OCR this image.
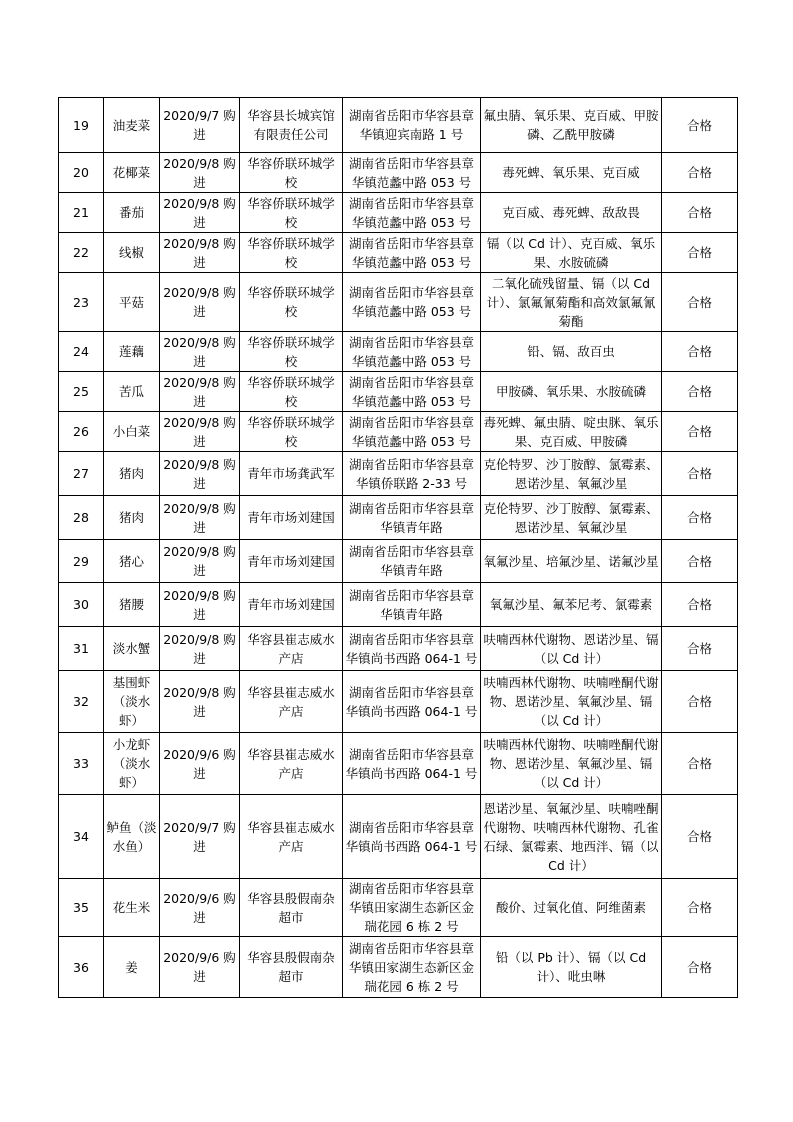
19	油麦菜	2020/9/7 购进	华容县长城宾馆有限责任公司	湖南省岳阳市华容县章华镇迎宾南路 1 号	氟虫腈、氧乐果、克百威、甲胺磷、乙酰甲胺磷	合格
20	花椰菜	2020/9/8 购进	华容侨联环城学校	湖南省岳阳市华容县章华镇范蠡中路 053 号	毒死蜱、氧乐果、克百威	合格
21	番茄	2020/9/8 购进	华容侨联环城学校	湖南省岳阳市华容县章华镇范蠡中路 053 号	克百威、毒死蜱、敌敌畏	合格
22	线椒	2020/9/8 购进	华容侨联环城学校	湖南省岳阳市华容县章华镇范蠡中路 053 号	镉（以 Cd 计）、克百威、氧乐果、水胺硫磷	合格
23	平菇	2020/9/8 购进	华容侨联环城学校	湖南省岳阳市华容县章华镇范蠡中路 053 号	二氧化硫残留量、镉（以 Cd 计）、氯氟氰菊酯和高效氯氟氰菊酯	合格
24	莲藕	2020/9/8 购进	华容侨联环城学校	湖南省岳阳市华容县章华镇范蠡中路 053 号	铅、镉、敌百虫	合格
25	苦瓜	2020/9/8 购进	华容侨联环城学校	湖南省岳阳市华容县章华镇范蠡中路 053 号	甲胺磷、氧乐果、水胺硫磷	合格
26	小白菜	2020/9/8 购进	华容侨联环城学校	湖南省岳阳市华容县章华镇范蠡中路 053 号	毒死蜱、氟虫腈、啶虫脒、氧乐果、克百威、甲胺磷	合格
27	猪肉	2020/9/8 购进	青年市场龚武军	湖南省岳阳市华容县章华镇侨联路 2-33 号	克伦特罗、沙丁胺醇、氯霉素、恩诺沙星、氧氟沙星	合格
28	猪肉	2020/9/8 购进	青年市场刘建国	湖南省岳阳市华容县章华镇青年路	克伦特罗、沙丁胺醇、氯霉素、恩诺沙星、氧氟沙星	合格
29	猪心	2020/9/8 购进	青年市场刘建国	湖南省岳阳市华容县章华镇青年路	氧氟沙星、培氟沙星、诺氟沙星	合格
30	猪腰	2020/9/8 购进	青年市场刘建国	湖南省岳阳市华容县章华镇青年路	氧氟沙星、氟苯尼考、氯霉素	合格
31	淡水蟹	2020/9/8 购进	华容县崔志威水产店	湖南省岳阳市华容县章华镇尚书西路 064-1 号	呋喃西林代谢物、恩诺沙星、镉（以 Cd 计）	合格
32	基围虾（淡水虾）	2020/9/8 购进	华容县崔志威水产店	湖南省岳阳市华容县章华镇尚书西路 064-1 号	呋喃西林代谢物、呋喃唑酮代谢物、恩诺沙星、氧氟沙星、镉（以 Cd 计）	合格
33	小龙虾（淡水虾）	2020/9/6 购进	华容县崔志威水产店	湖南省岳阳市华容县章华镇尚书西路 064-1 号	呋喃西林代谢物、呋喃唑酮代谢物、恩诺沙星、氧氟沙星、镉（以 Cd 计）	合格
34	鲈鱼（淡水鱼）	2020/9/7 购进	华容县崔志威水产店	湖南省岳阳市华容县章华镇尚书西路 064-1 号	恩诺沙星、氧氟沙星、呋喃唑酮代谢物、呋喃西林代谢物、孔雀石绿、氯霉素、地西泮、镉（以 Cd 计）	合格
35	花生米	2020/9/6 购进	华容县殷假南杂超市	湖南省岳阳市华容县章华镇田家湖生态新区金瑞花园 6 栋 2 号	酸价、过氧化值、阿维菌素	合格
36	姜	2020/9/6 购进	华容县殷假南杂超市	湖南省岳阳市华容县章华镇田家湖生态新区金瑞花园 6 栋 2 号	铅（以 Pb 计）、镉（以 Cd 计）、吡虫啉	合格
